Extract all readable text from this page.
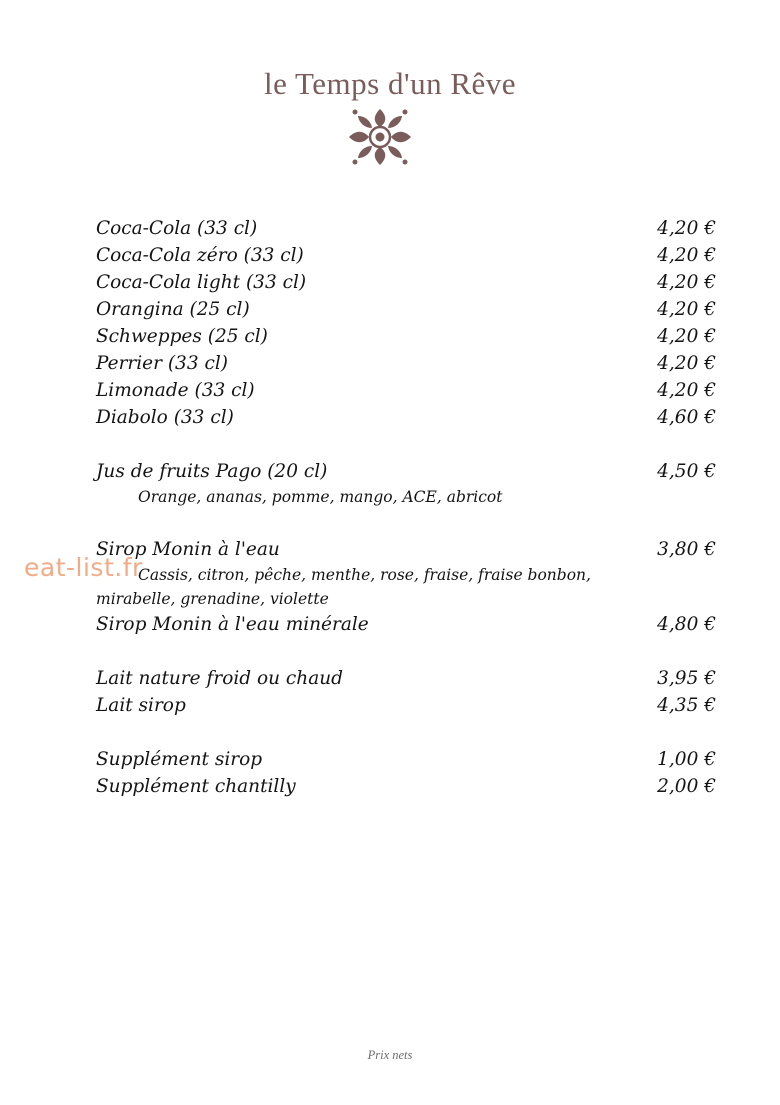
le Temps d'un Rêve
Coca-Cola (33 cl)	4,20 €
Coca-Cola zéro (33 cl)	4,20 €
Coca-Cola light (33 cl)	4,20 €
Orangina (25 cl)	4,20 €
Schweppes (25 cl)	4,20 €
Perrier (33 cl)	4,20 €
Limonade (33 cl)	4,20 €
Diabolo (33 cl)	4,60 €
Jus de fruits Pago (20 cl)	4,50 €
Orange, ananas, pomme, mango, ACE, abricot
Sirop Monin à l'eau	3,80 €
Cassis, citron, pêche, menthe, rose, fraise, fraise bonbon,
mirabelle, grenadine, violette
Sirop Monin à l'eau minérale	4,80 €
Lait nature froid ou chaud	3,95 €
Lait sirop	4,35 €
Supplément sirop	1,00 €
Supplément chantilly	2,00 €
eat-list.fr
Prix nets
